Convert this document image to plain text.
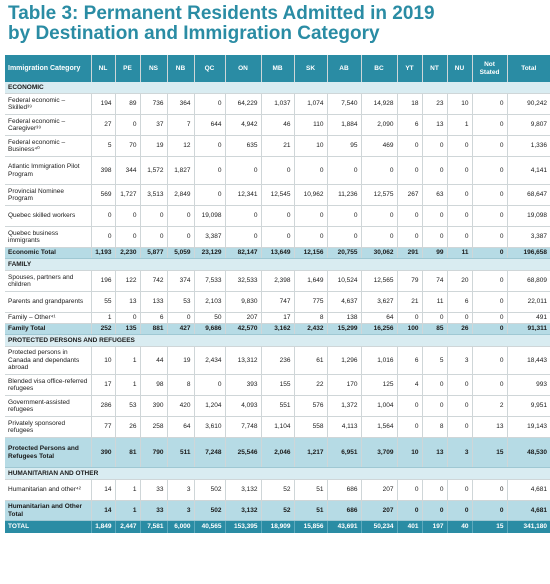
Table 3: Permanent Residents Admitted in 2019
by Destination and Immigration Category
Immigration Category	NL	PE	NS	NB	QC	ON	MB	SK	AB	BC	YT	NT	NU	Not Stated	Total
ECONOMIC															
Federal economic – Skilled³⁹	194	89	736	364	0	64,229	1,037	1,074	7,540	14,928	18	23	10	0	90,242
Federal economic – Caregiver³⁹	27	0	37	7	644	4,942	46	110	1,884	2,090	6	13	1	0	9,807
Federal economic – Business⁴⁰	5	70	19	12	0	635	21	10	95	469	0	0	0	0	1,336
Atlantic Immigration Pilot Program	398	344	1,572	1,827	0	0	0	0	0	0	0	0	0	0	4,141
Provincial Nominee Program	569	1,727	3,513	2,849	0	12,341	12,545	10,962	11,236	12,575	267	63	0	0	68,647
Quebec skilled workers	0	0	0	0	19,098	0	0	0	0	0	0	0	0	0	19,098
Quebec business immigrants	0	0	0	0	3,387	0	0	0	0	0	0	0	0	0	3,387
Economic Total	1,193	2,230	5,877	5,059	23,129	82,147	13,649	12,156	20,755	30,062	291	99	11	0	196,658
FAMILY															
Spouses, partners and children	196	122	742	374	7,533	32,533	2,398	1,649	10,524	12,565	79	74	20	0	68,809
Parents and grandparents	55	13	133	53	2,103	9,830	747	775	4,637	3,627	21	11	6	0	22,011
Family – Other⁴¹	1	0	6	0	50	207	17	8	138	64	0	0	0	0	491
Family Total	252	135	881	427	9,686	42,570	3,162	2,432	15,299	16,256	100	85	26	0	91,311
PROTECTED PERSONS AND REFUGEES															
Protected persons in Canada and dependants abroad	10	1	44	19	2,434	13,312	236	61	1,296	1,016	6	5	3	0	18,443
Blended visa office-referred refugees	17	1	98	8	0	393	155	22	170	125	4	0	0	0	993
Government-assisted refugees	286	53	390	420	1,204	4,093	551	576	1,372	1,004	0	0	0	2	9,951
Privately sponsored refugees	77	26	258	64	3,610	7,748	1,104	558	4,113	1,564	0	8	0	13	19,143
Protected Persons and Refugees Total	390	81	790	511	7,248	25,546	2,046	1,217	6,951	3,709	10	13	3	15	48,530
HUMANITARIAN AND OTHER															
Humanitarian and other⁴²	14	1	33	3	502	3,132	52	51	686	207	0	0	0	0	4,681
Humanitarian and Other Total	14	1	33	3	502	3,132	52	51	686	207	0	0	0	0	4,681
TOTAL	1,849	2,447	7,581	6,000	40,565	153,395	18,909	15,856	43,691	50,234	401	197	40	15	341,180
